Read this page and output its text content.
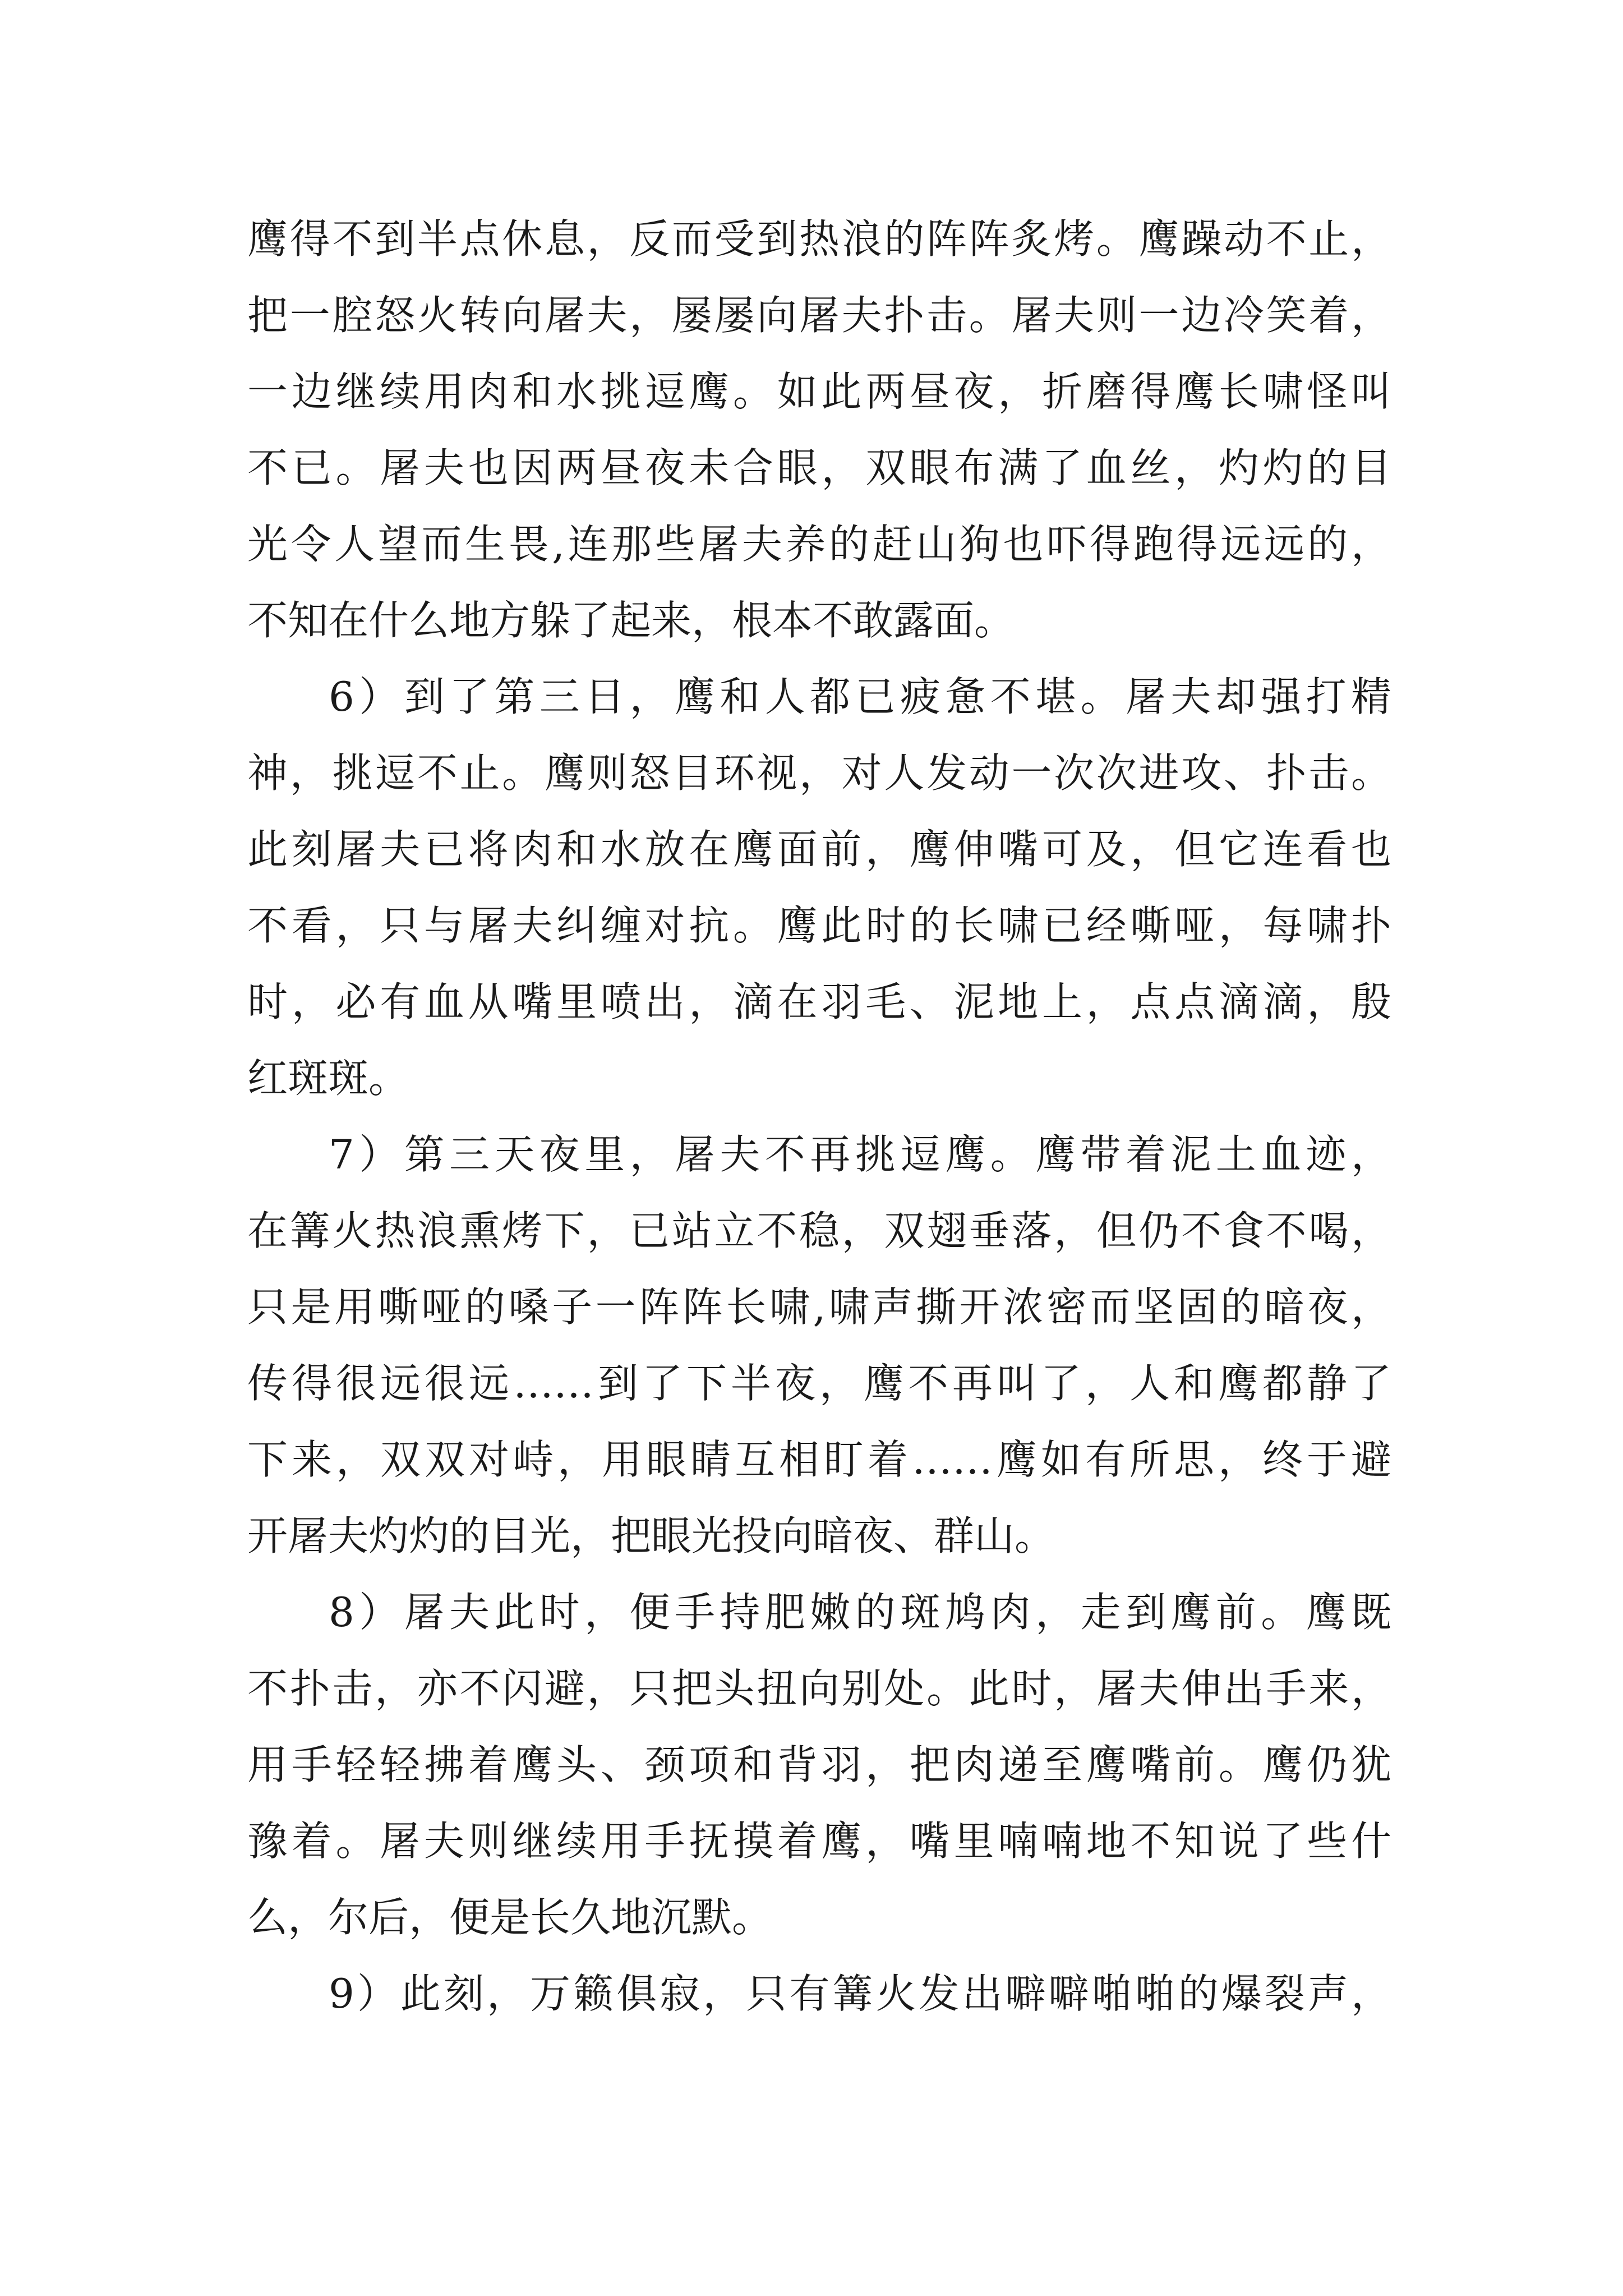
鹰得不到半点休息，反而受到热浪的阵阵炙烤。鹰躁动不止，
把一腔怒火转向屠夫，屡屡向屠夫扑击。屠夫则一边冷笑着，
一边继续用肉和水挑逗鹰。如此两昼夜，折磨得鹰长啸怪叫
不已。屠夫也因两昼夜未合眼，双眼布满了血丝，灼灼的目
光令人望而生畏,连那些屠夫养的赶山狗也吓得跑得远远的，
不知在什么地方躲了起来，根本不敢露面。
6）到了第三日，鹰和人都已疲惫不堪。屠夫却强打精
神，挑逗不止。鹰则怒目环视，对人发动一次次进攻、扑击。
此刻屠夫已将肉和水放在鹰面前，鹰伸嘴可及，但它连看也
不看，只与屠夫纠缠对抗。鹰此时的长啸已经嘶哑，每啸扑
时，必有血从嘴里喷出，滴在羽毛、泥地上，点点滴滴，殷
红斑斑。
7）第三天夜里，屠夫不再挑逗鹰。鹰带着泥土血迹，
在篝火热浪熏烤下，已站立不稳，双翅垂落，但仍不食不喝，
只是用嘶哑的嗓子一阵阵长啸,啸声撕开浓密而坚固的暗夜，
传得很远很远……到了下半夜，鹰不再叫了，人和鹰都静了
下来，双双对峙，用眼睛互相盯着……鹰如有所思，终于避
开屠夫灼灼的目光，把眼光投向暗夜、群山。
8）屠夫此时，便手持肥嫩的斑鸠肉，走到鹰前。鹰既
不扑击，亦不闪避，只把头扭向别处。此时，屠夫伸出手来，
用手轻轻拂着鹰头、颈项和背羽，把肉递至鹰嘴前。鹰仍犹
豫着。屠夫则继续用手抚摸着鹰，嘴里喃喃地不知说了些什
么，尔后，便是长久地沉默。
9）此刻，万籁俱寂，只有篝火发出噼噼啪啪的爆裂声，
